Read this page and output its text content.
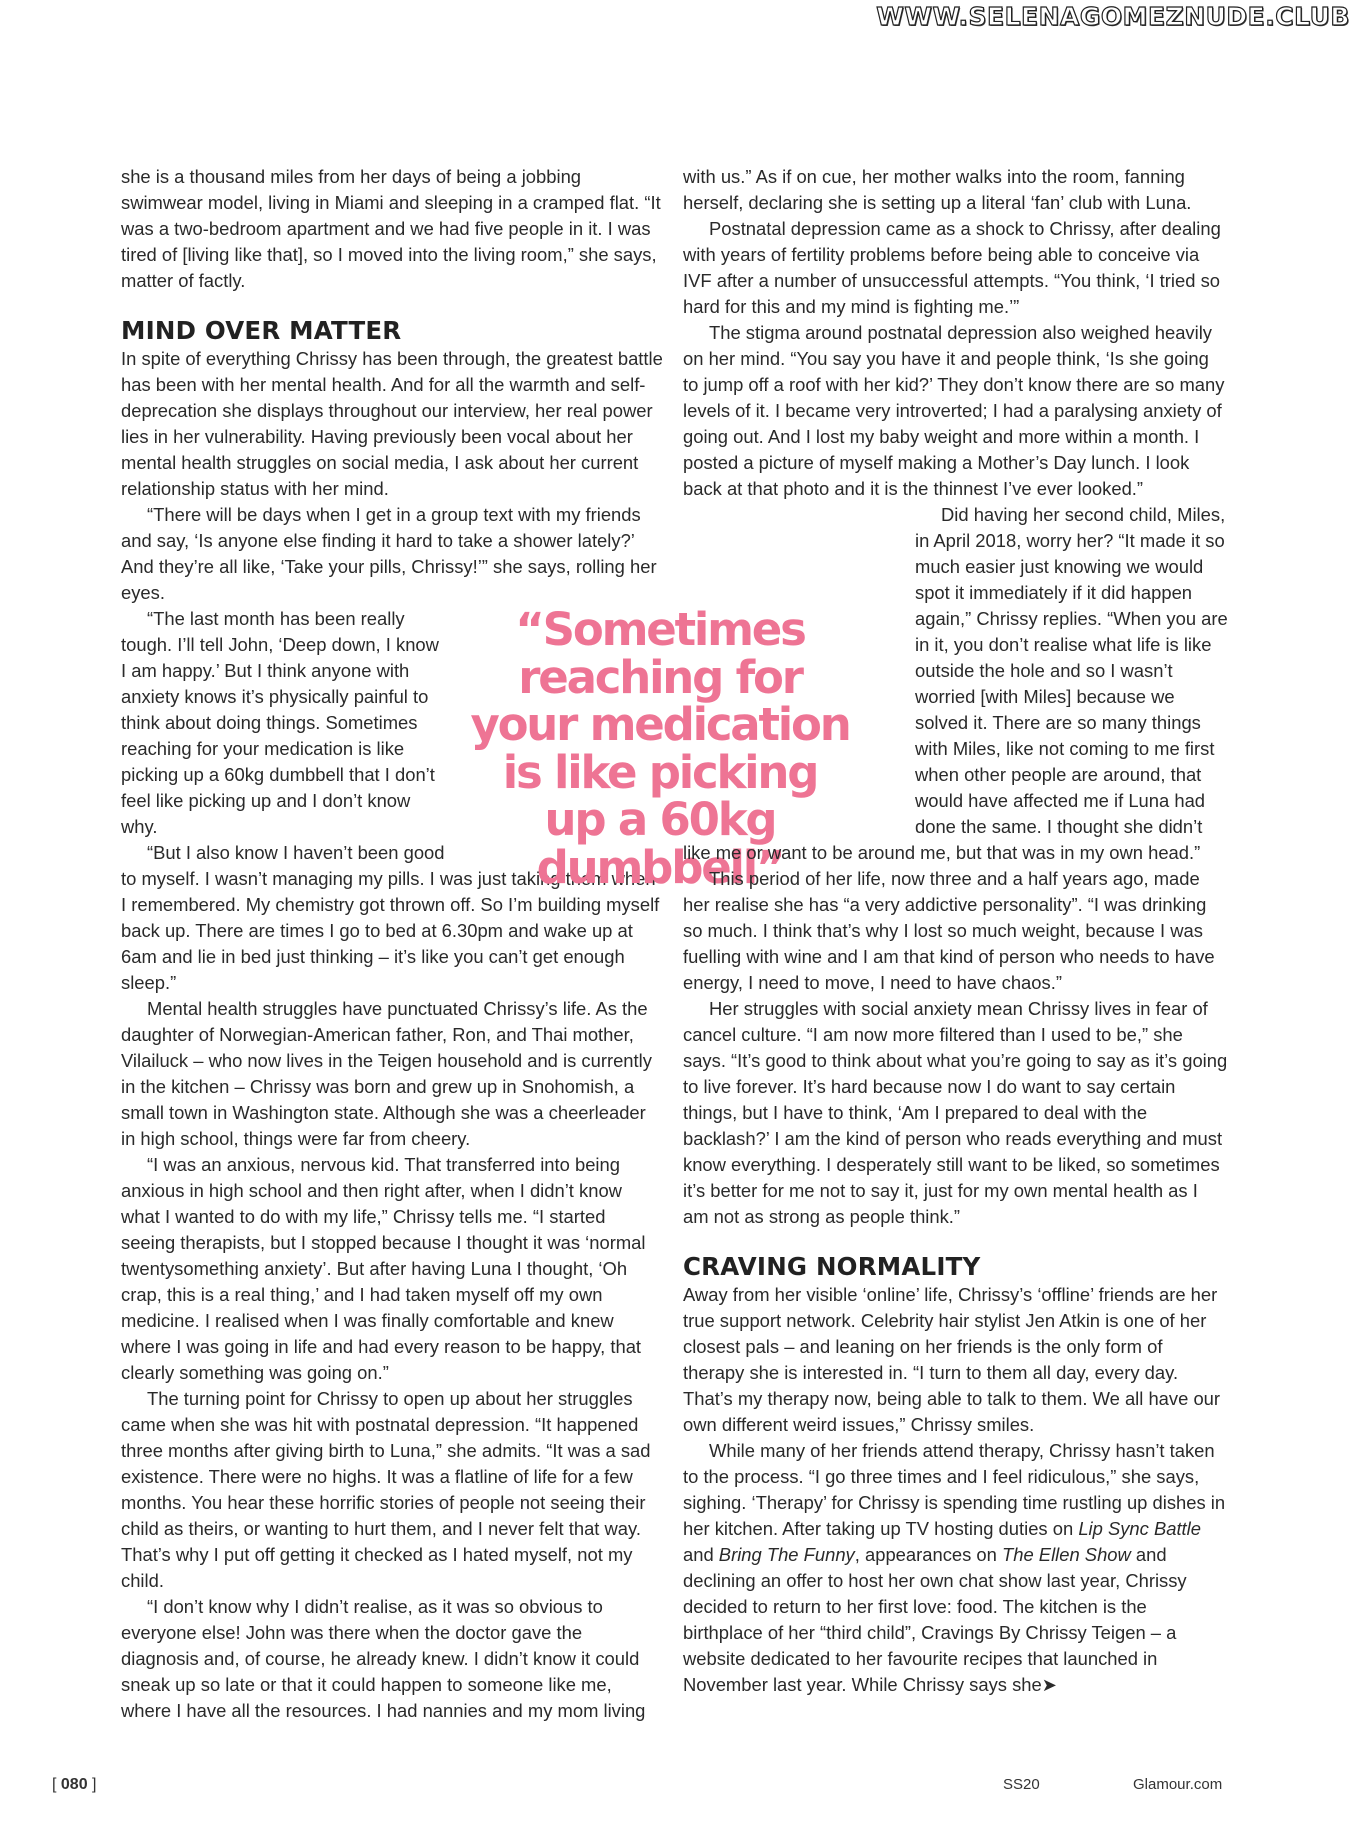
WWW.SELENAGOMEZNUDE.CLUB

she is a thousand miles from her days of being a jobbing swimwear model, living in Miami and sleeping in a cramped flat. “It was a two-bedroom apartment and we had five people in it. I was tired of [living like that], so I moved into the living room,” she says, matter of factly.

MIND OVER MATTER

In spite of everything Chrissy has been through, the greatest battle has been with her mental health. And for all the warmth and self-deprecation she displays throughout our interview, her real power lies in her vulnerability. Having previously been vocal about her mental health struggles on social media, I ask about her current relationship status with her mind.

“There will be days when I get in a group text with my friends and say, ‘Is anyone else finding it hard to take a shower lately?’ And they’re all like, ‘Take your pills, Chrissy!’” she says, rolling her eyes.

“The last month has been really tough. I’ll tell John, ‘Deep down, I know I am happy.’ But I think anyone with anxiety knows it’s physically painful to think about doing things. Sometimes reaching for your medication is like picking up a 60kg dumbbell that I don’t feel like picking up and I don’t know why.

“But I also know I haven’t been good to myself. I wasn’t managing my pills. I was just taking them when I remembered. My chemistry got thrown off. So I’m building myself back up. There are times I go to bed at 6.30pm and wake up at 6am and lie in bed just thinking – it’s like you can’t get enough sleep.”

Mental health struggles have punctuated Chrissy’s life. As the daughter of Norwegian-American father, Ron, and Thai mother, Vilailuck – who now lives in the Teigen household and is currently in the kitchen – Chrissy was born and grew up in Snohomish, a small town in Washington state. Although she was a cheerleader in high school, things were far from cheery.

“I was an anxious, nervous kid. That transferred into being anxious in high school and then right after, when I didn’t know what I wanted to do with my life,” Chrissy tells me. “I started seeing therapists, but I stopped because I thought it was ‘normal twentysomething anxiety’. But after having Luna I thought, ‘Oh crap, this is a real thing,’ and I had taken myself off my own medicine. I realised when I was finally comfortable and knew where I was going in life and had every reason to be happy, that clearly something was going on.”

The turning point for Chrissy to open up about her struggles came when she was hit with postnatal depression. “It happened three months after giving birth to Luna,” she admits. “It was a sad existence. There were no highs. It was a flatline of life for a few months. You hear these horrific stories of people not seeing their child as theirs, or wanting to hurt them, and I never felt that way. That’s why I put off getting it checked as I hated myself, not my child.

“I don’t know why I didn’t realise, as it was so obvious to everyone else! John was there when the doctor gave the diagnosis and, of course, he already knew. I didn’t know it could sneak up so late or that it could happen to someone like me, where I have all the resources. I had nannies and my mom living

“Sometimes reaching for your medication is like picking up a 60kg dumbbell”

with us.” As if on cue, her mother walks into the room, fanning herself, declaring she is setting up a literal ‘fan’ club with Luna.

Postnatal depression came as a shock to Chrissy, after dealing with years of fertility problems before being able to conceive via IVF after a number of unsuccessful attempts. “You think, ‘I tried so hard for this and my mind is fighting me.’”

The stigma around postnatal depression also weighed heavily on her mind. “You say you have it and people think, ‘Is she going to jump off a roof with her kid?’ They don’t know there are so many levels of it. I became very introverted; I had a paralysing anxiety of going out. And I lost my baby weight and more within a month. I posted a picture of myself making a Mother’s Day lunch. I look back at that photo and it is the thinnest I’ve ever looked.”

Did having her second child, Miles, in April 2018, worry her? “It made it so much easier just knowing we would spot it immediately if it did happen again,” Chrissy replies. “When you are in it, you don’t realise what life is like outside the hole and so I wasn’t worried [with Miles] because we solved it. There are so many things with Miles, like not coming to me first when other people are around, that would have affected me if Luna had done the same. I thought she didn’t like me or want to be around me, but that was in my own head.”

This period of her life, now three and a half years ago, made her realise she has “a very addictive personality”. “I was drinking so much. I think that’s why I lost so much weight, because I was fuelling with wine and I am that kind of person who needs to have energy, I need to move, I need to have chaos.”

Her struggles with social anxiety mean Chrissy lives in fear of cancel culture. “I am now more filtered than I used to be,” she says. “It’s good to think about what you’re going to say as it’s going to live forever. It’s hard because now I do want to say certain things, but I have to think, ‘Am I prepared to deal with the backlash?’ I am the kind of person who reads everything and must know everything. I desperately still want to be liked, so sometimes it’s better for me not to say it, just for my own mental health as I am not as strong as people think.”

CRAVING NORMALITY

Away from her visible ‘online’ life, Chrissy’s ‘offline’ friends are her true support network. Celebrity hair stylist Jen Atkin is one of her closest pals – and leaning on her friends is the only form of therapy she is interested in. “I turn to them all day, every day. That’s my therapy now, being able to talk to them. We all have our own different weird issues,” Chrissy smiles.

While many of her friends attend therapy, Chrissy hasn’t taken to the process. “I go three times and I feel ridiculous,” she says, sighing. ‘Therapy’ for Chrissy is spending time rustling up dishes in her kitchen. After taking up TV hosting duties on Lip Sync Battle and Bring The Funny, appearances on The Ellen Show and declining an offer to host her own chat show last year, Chrissy decided to return to her first love: food. The kitchen is the birthplace of her “third child”, Cravings By Chrissy Teigen – a website dedicated to her favourite recipes that launched in November last year. While Chrissy says she➤

[ 080 ]	SS20	Glamour.com
